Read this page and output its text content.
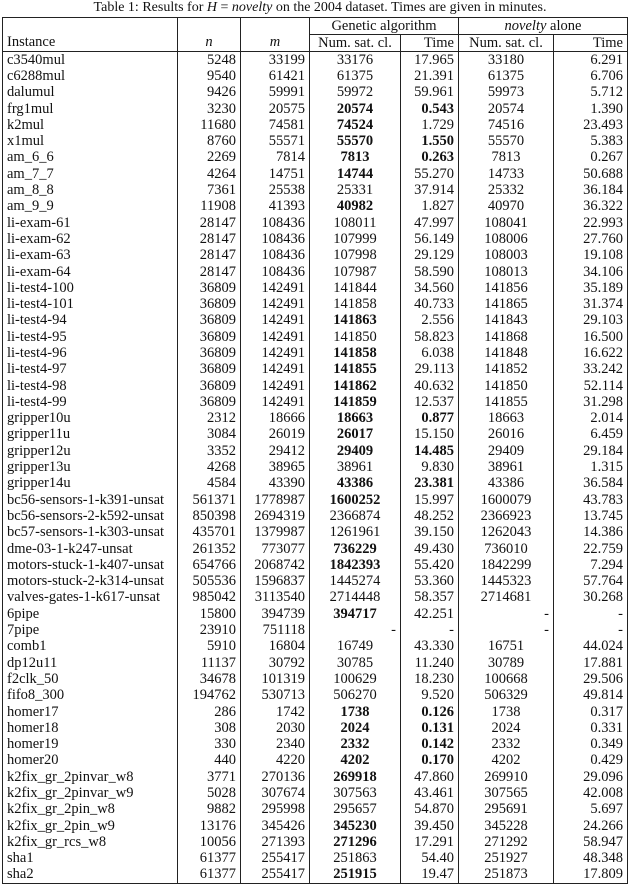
Table 1: Results for H = novelty on the 2004 dataset. Times are given in minutes.
			Genetic algorithm		novelty alone	
Instance	n	m	Num. sat. cl.	Time	Num. sat. cl.	Time
c3540mul	5248	33199	33176	17.965	33180	6.291
c6288mul	9540	61421	61375	21.391	61375	6.706
dalumul	9426	59991	59972	59.961	59973	5.712
frg1mul	3230	20575	20574	0.543	20574	1.390
k2mul	11680	74581	74524	1.729	74516	23.493
x1mul	8760	55571	55570	1.550	55570	5.383
am_6_6	2269	7814	7813	0.263	7813	0.267
am_7_7	4264	14751	14744	55.270	14733	50.688
am_8_8	7361	25538	25331	37.914	25332	36.184
am_9_9	11908	41393	40982	1.827	40970	36.322
li-exam-61	28147	108436	108011	47.997	108041	22.993
li-exam-62	28147	108436	107999	56.149	108006	27.760
li-exam-63	28147	108436	107998	29.129	108003	19.108
li-exam-64	28147	108436	107987	58.590	108013	34.106
li-test4-100	36809	142491	141844	34.560	141856	35.189
li-test4-101	36809	142491	141858	40.733	141865	31.374
li-test4-94	36809	142491	141863	2.556	141843	29.103
li-test4-95	36809	142491	141850	58.823	141868	16.500
li-test4-96	36809	142491	141858	6.038	141848	16.622
li-test4-97	36809	142491	141855	29.113	141852	33.242
li-test4-98	36809	142491	141862	40.632	141850	52.114
li-test4-99	36809	142491	141859	12.537	141855	31.298
gripper10u	2312	18666	18663	0.877	18663	2.014
gripper11u	3084	26019	26017	15.150	26016	6.459
gripper12u	3352	29412	29409	14.485	29409	29.184
gripper13u	4268	38965	38961	9.830	38961	1.315
gripper14u	4584	43390	43386	23.381	43386	36.584
bc56-sensors-1-k391-unsat	561371	1778987	1600252	15.997	1600079	43.783
bc56-sensors-2-k592-unsat	850398	2694319	2366874	48.252	2366923	13.745
bc57-sensors-1-k303-unsat	435701	1379987	1261961	39.150	1262043	14.386
dme-03-1-k247-unsat	261352	773077	736229	49.430	736010	22.759
motors-stuck-1-k407-unsat	654766	2068742	1842393	55.420	1842299	7.294
motors-stuck-2-k314-unsat	505536	1596837	1445274	53.360	1445323	57.764
valves-gates-1-k617-unsat	985042	3113540	2714448	58.357	2714681	30.268
6pipe	15800	394739	394717	42.251	-	-
7pipe	23910	751118	-	-	-	-
comb1	5910	16804	16749	43.330	16751	44.024
dp12u11	11137	30792	30785	11.240	30789	17.881
f2clk_50	34678	101319	100629	18.230	100668	29.506
fifo8_300	194762	530713	506270	9.520	506329	49.814
homer17	286	1742	1738	0.126	1738	0.317
homer18	308	2030	2024	0.131	2024	0.331
homer19	330	2340	2332	0.142	2332	0.349
homer20	440	4220	4202	0.170	4202	0.429
k2fix_gr_2pinvar_w8	3771	270136	269918	47.860	269910	29.096
k2fix_gr_2pinvar_w9	5028	307674	307563	43.461	307565	42.008
k2fix_gr_2pin_w8	9882	295998	295657	54.870	295691	5.697
k2fix_gr_2pin_w9	13176	345426	345230	39.450	345228	24.266
k2fix_gr_rcs_w8	10056	271393	271296	17.291	271292	58.947
sha1	61377	255417	251863	54.40	251927	48.348
sha2	61377	255417	251915	19.47	251873	17.809
